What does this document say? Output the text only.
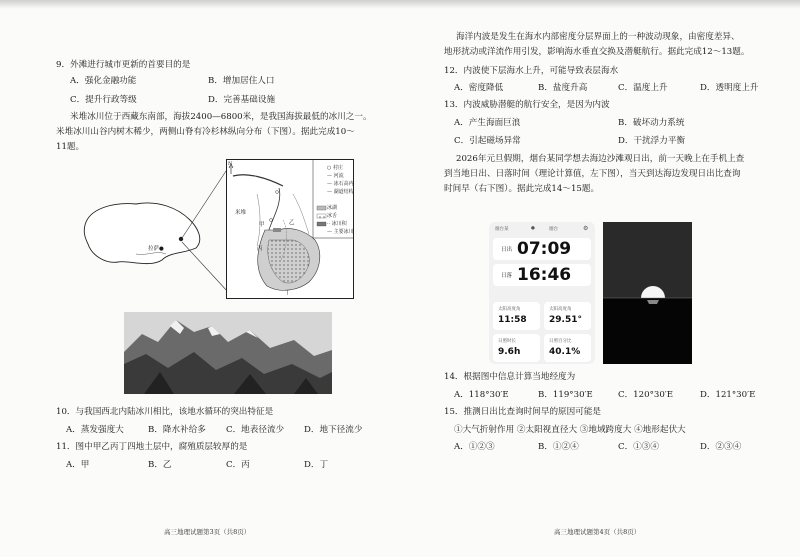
9．外滩进行城市更新的首要目的是
A．强化金融功能	B．增加居住人口
C．提升行政等级	D．完善基础设施
米堆冰川位于西藏东南部，海拔2400—6800米，是我国海拔最低的冰川之一。
米堆冰川山谷内树木稀少，两侧山脊有冷杉林纵向分布（下图）。据此完成10～
11题。
拉萨●
N
○ 村庄
— 河流
— 冰石高内
— 湖道结构
冰湖
冰舌
·· 冰川积
— 主要冰川
米堆
甲	乙
丙
丁
10．与我国西北内陆冰川相比，该地水循环的突出特征是
A．蒸发强度大	B．降水补给多 C．地表径流少 D．地下径流少
11．图中甲乙丙丁四地土层中，腐殖质层较厚的是
A．甲	B．乙	C．丙	D．丁
高三地理试题第3页（共8页）
海洋内波是发生在海水内部密度分层界面上的一种波动现象，由密度差异、
地形扰动或洋流作用引发，影响海水垂直交换及潜艇航行。据此完成12～13题。
12．内波使下层海水上升，可能导致表层海水
A．密度降低	B．盐度升高	C．温度上升	D．透明度上升
13．内波威胁潜艇的航行安全，是因为内波
A．产生海面巨浪	B．破坏动力系统
C．引起磁场异常	D．干扰浮力平衡
2026年元旦假期，烟台某同学想去海边沙滩观日出，前一天晚上在手机上查
到当地日出、日落时间（理论计算值，左下图），当天到达海边发现日出比查询
时间早（右下图）。据此完成14～15题。
14．根据图中信息计算当地经度为
A．118°30′E	B．119°30′E	C．120°30′E	D．121°30′E
15．推测日出比查询时间早的原因可能是
①大气折射作用 ②太阳视直径大 ③地域跨度大 ④地形起伏大
A．①②③	B．①②④	C．①③④	D．②③④
高三地理试题第4页（共8页）
烟台某	●	烟台	⚙
日出 07:09
日落 16:46
太阳高度角
11:58
太阳高度角
29.51°
日照时长
9.6h
日照百分比
40.1%
